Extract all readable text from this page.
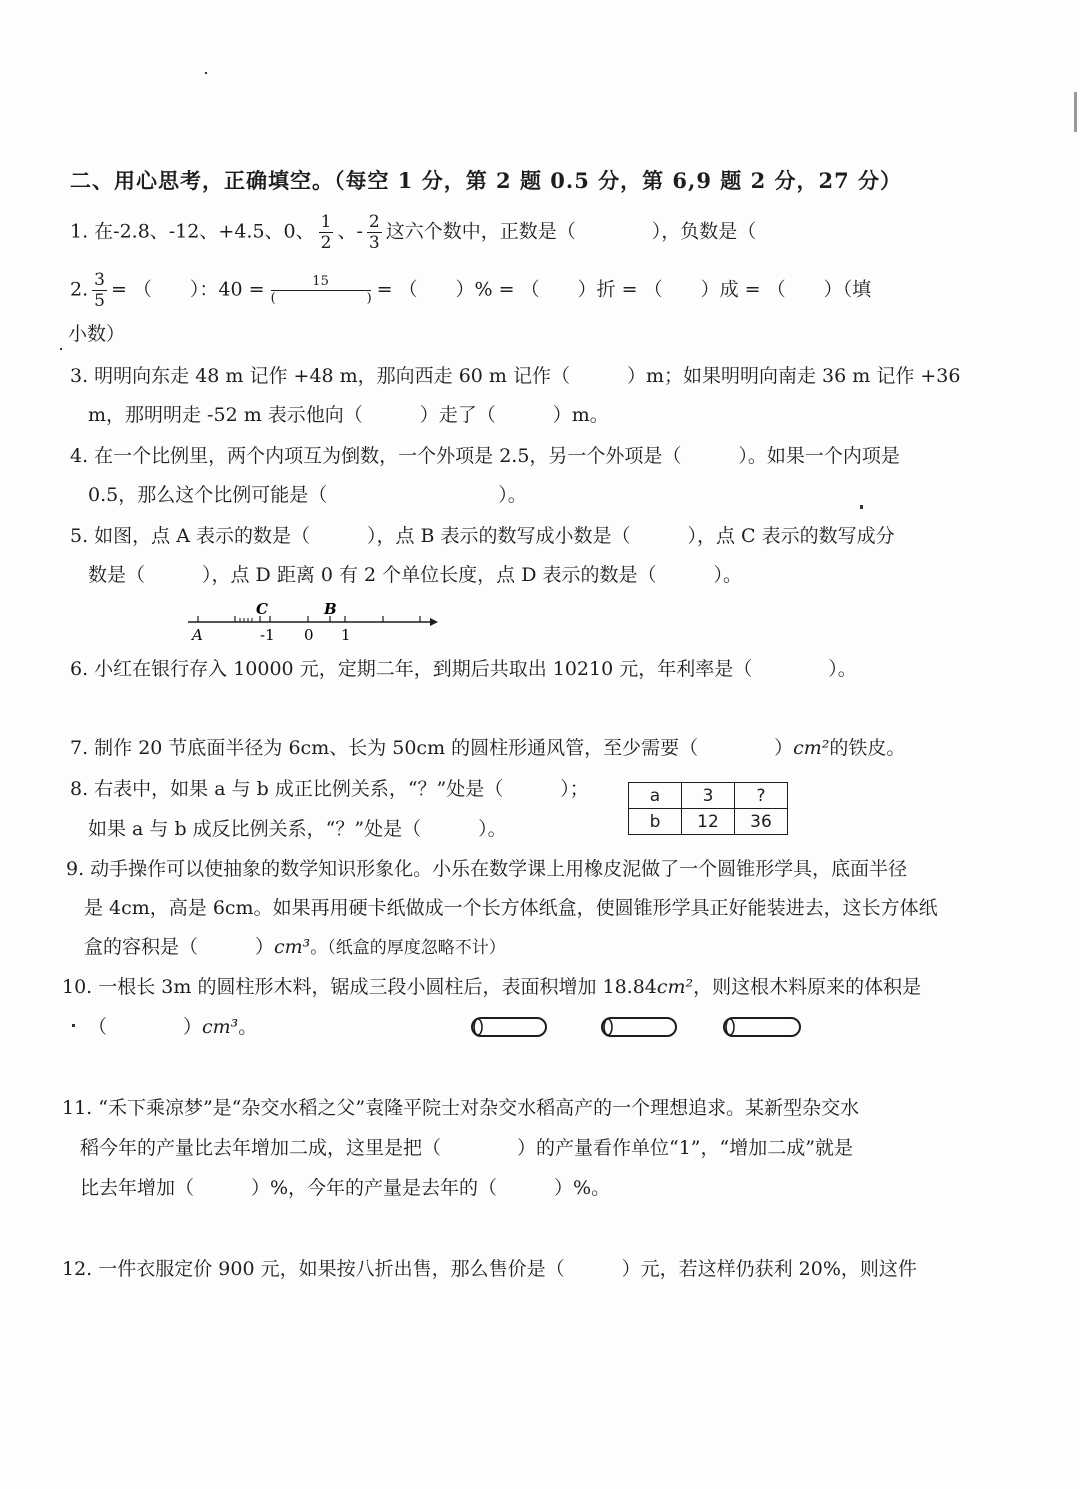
二、用心思考，正确填空。（每空 1 分，第 2 题 0.5 分，第 6,9 题 2 分，27 分）
1. 在-2.8、-12、+4.5、0、 $\frac{1}{2}$ 、- $\frac{2}{3}$ 这六个数中，正数是（　　　　），负数是（
2. $\frac{3}{5}$ = （　　）：$40 = \frac{15}{( )}$ = （　　）% = （　　）折 = （　　）成 = （　　）（填
小数）
3. 明明向东走 48 m 记作 +48 m，那向西走 60 m 记作（　　　）m；如果明明向南走 36 m 记作 +36
m，那明明走 -52 m 表示他向（　　　）走了（　　　）m。
4. 在一个比例里，两个内项互为倒数，一个外项是 2.5，另一个外项是（　　　）。如果一个内项是
0.5，那么这个比例可能是（　　　　　　　　　）。
5. 如图，点 A 表示的数是（　　　），点 B 表示的数写成小数是（　　　），点 C 表示的数写成分
数是（　　　），点 D 距离 0 有 2 个单位长度，点 D 表示的数是（　　　）。
A
C	B
-1 0 1
6. 小红在银行存入 10000 元，定期二年，到期后共取出 10210 元，年利率是（　　　　）。
7. 制作 20 节底面半径为 6cm、长为 50cm 的圆柱形通风管，至少需要（　　　　）cm²的铁皮。
8. 右表中，如果 a 与 b 成正比例关系，“？”处是（　　　）；
如果 a 与 b 成反比例关系，“？”处是（　　　）。
a	3	?
b	12	36
9. 动手操作可以使抽象的数学知识形象化。小乐在数学课上用橡皮泥做了一个圆锥形学具，底面半径
是 4cm，高是 6cm。如果再用硬卡纸做成一个长方体纸盒，使圆锥形学具正好能装进去，这长方体纸
盒的容积是（　　　）cm³。（纸盒的厚度忽略不计）
10. 一根长 3m 的圆柱形木料，锯成三段小圆柱后，表面积增加 18.84cm²，则这根木料原来的体积是
（　　　　）cm³。
11. “禾下乘凉梦”是“杂交水稻之父”袁隆平院士对杂交水稻高产的一个理想追求。某新型杂交水
稻今年的产量比去年增加二成，这里是把（　　　　）的产量看作单位“1”，“增加二成”就是
比去年增加（　　　）%，今年的产量是去年的（　　　）%。
12. 一件衣服定价 900 元，如果按八折出售，那么售价是（　　　）元，若这样仍获利 20%，则这件
